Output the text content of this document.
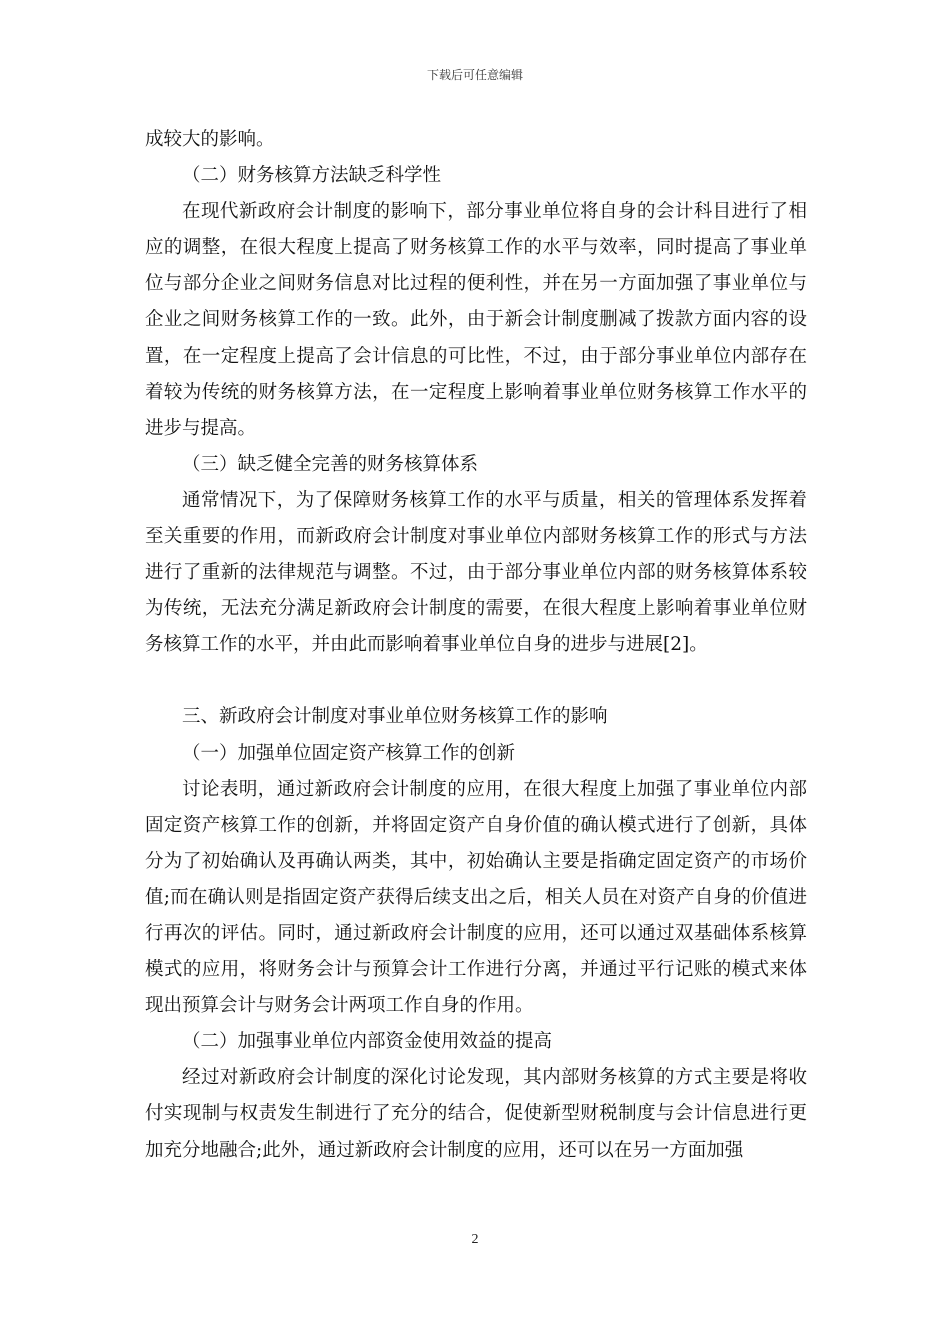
下载后可任意编辑

成较大的影响。

（二）财务核算方法缺乏科学性

在现代新政府会计制度的影响下，部分事业单位将自身的会计科目进行了相应的调整，在很大程度上提高了财务核算工作的水平与效率，同时提高了事业单位与部分企业之间财务信息对比过程的便利性，并在另一方面加强了事业单位与企业之间财务核算工作的一致。此外，由于新会计制度删减了拨款方面内容的设置，在一定程度上提高了会计信息的可比性，不过，由于部分事业单位内部存在着较为传统的财务核算方法，在一定程度上影响着事业单位财务核算工作水平的进步与提高。

（三）缺乏健全完善的财务核算体系

通常情况下，为了保障财务核算工作的水平与质量，相关的管理体系发挥着至关重要的作用，而新政府会计制度对事业单位内部财务核算工作的形式与方法进行了重新的法律规范与调整。不过，由于部分事业单位内部的财务核算体系较为传统，无法充分满足新政府会计制度的需要，在很大程度上影响着事业单位财务核算工作的水平，并由此而影响着事业单位自身的进步与进展[2]。

三、新政府会计制度对事业单位财务核算工作的影响

（一）加强单位固定资产核算工作的创新

讨论表明，通过新政府会计制度的应用，在很大程度上加强了事业单位内部固定资产核算工作的创新，并将固定资产自身价值的确认模式进行了创新，具体分为了初始确认及再确认两类，其中，初始确认主要是指确定固定资产的市场价值;而在确认则是指固定资产获得后续支出之后，相关人员在对资产自身的价值进行再次的评估。同时，通过新政府会计制度的应用，还可以通过双基础体系核算模式的应用，将财务会计与预算会计工作进行分离，并通过平行记账的模式来体现出预算会计与财务会计两项工作自身的作用。

（二）加强事业单位内部资金使用效益的提高

经过对新政府会计制度的深化讨论发现，其内部财务核算的方式主要是将收付实现制与权责发生制进行了充分的结合，促使新型财税制度与会计信息进行更加充分地融合;此外，通过新政府会计制度的应用，还可以在另一方面加强

2
